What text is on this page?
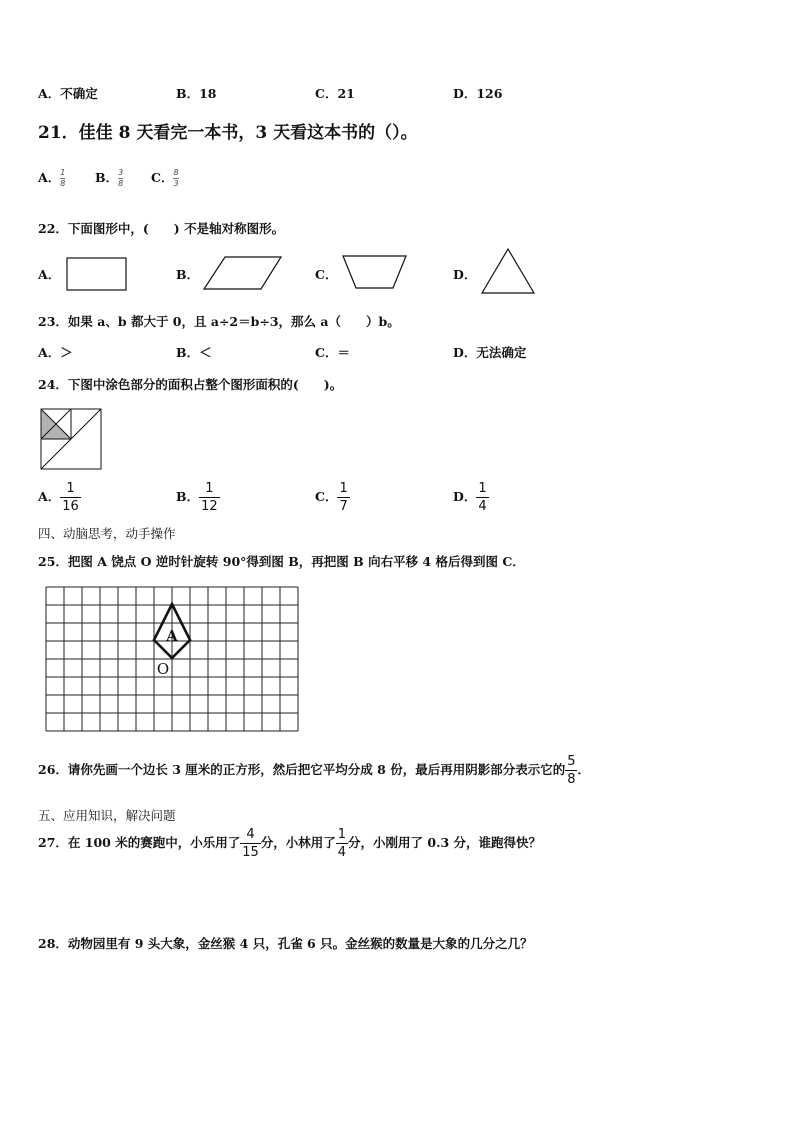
A．不确定	B．18	C．21	D．126
21．佳佳 8 天看完一本书，3 天看这本书的（）。
A． $\frac{1}{8}$ B． $\frac{3}{8}$ C． $\frac{8}{3}$
22．下面图形中，(　　) 不是轴对称图形。
A．	B．	C．	D．
23．如果 a、b 都大于 0，且 a÷2＝b÷3，那么 a（　　）b。
A．＞	B．＜	C．＝	D．无法确定
24．下图中涂色部分的面积占整个图形面积的(　　)。
A． $\frac{1}{16}$	B． $\frac{1}{12}$	C． $\frac{1}{7}$	D． $\frac{1}{4}$
四、动脑思考，动手操作
25．把图 A 饶点 O 逆时针旋转 90°得到图 B，再把图 B 向右平移 4 格后得到图 C．
A
O
26．请你先画一个边长 3 厘米的正方形，然后把它平均分成 8 份，最后再用阴影部分表示它的 $\frac{5}{8}$ ．
五、应用知识，解决问题
27．在 100 米的赛跑中，小乐用了 $\frac{4}{15}$ 分，小林用了 $\frac{1}{4}$ 分，小刚用了 0.3 分，谁跑得快？
28．动物园里有 9 头大象，金丝猴 4 只，孔雀 6 只。金丝猴的数量是大象的几分之几？
